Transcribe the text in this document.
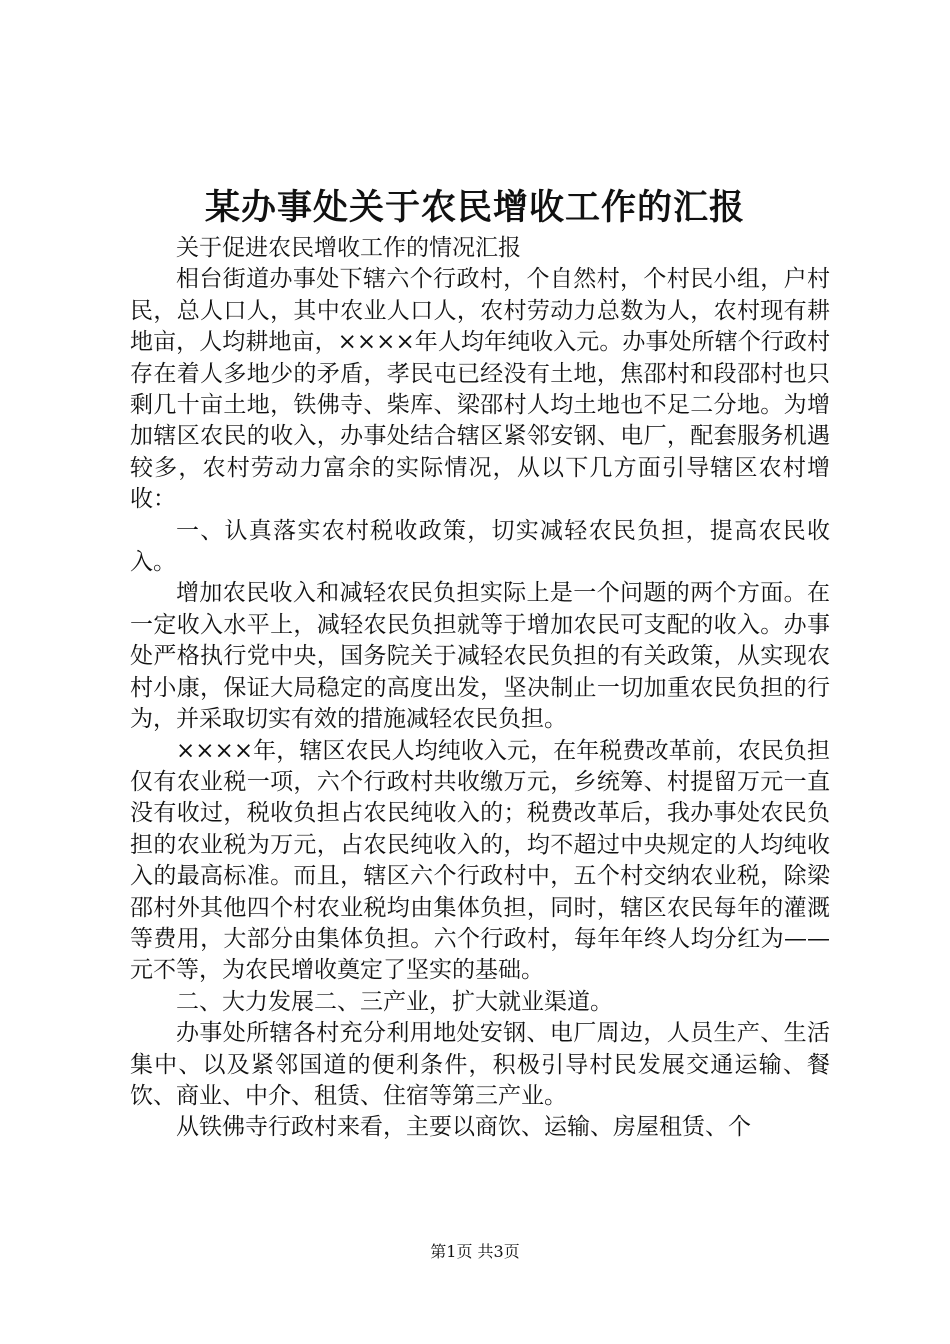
某办事处关于农民增收工作的汇报

关于促进农民增收工作的情况汇报

相台街道办事处下辖六个行政村，个自然村，个村民小组，户村民，总人口人，其中农业人口人，农村劳动力总数为人，农村现有耕地亩，人均耕地亩，××××年人均年纯收入元。办事处所辖个行政村存在着人多地少的矛盾，孝民屯已经没有土地，焦邵村和段邵村也只剩几十亩土地，铁佛寺、柴库、梁邵村人均土地也不足二分地。为增加辖区农民的收入，办事处结合辖区紧邻安钢、电厂，配套服务机遇较多，农村劳动力富余的实际情况，从以下几方面引导辖区农村增收：

一、认真落实农村税收政策，切实减轻农民负担，提高农民收入。

增加农民收入和减轻农民负担实际上是一个问题的两个方面。在一定收入水平上，减轻农民负担就等于增加农民可支配的收入。办事处严格执行党中央，国务院关于减轻农民负担的有关政策，从实现农村小康，保证大局稳定的高度出发，坚决制止一切加重农民负担的行为，并采取切实有效的措施减轻农民负担。

××××年，辖区农民人均纯收入元，在年税费改革前，农民负担仅有农业税一项，六个行政村共收缴万元，乡统筹、村提留万元一直没有收过，税收负担占农民纯收入的；税费改革后，我办事处农民负担的农业税为万元，占农民纯收入的，均不超过中央规定的人均纯收入的最高标准。而且，辖区六个行政村中，五个村交纳农业税，除梁邵村外其他四个村农业税均由集体负担，同时，辖区农民每年的灌溉等费用，大部分由集体负担。六个行政村，每年年终人均分红为——元不等，为农民增收奠定了坚实的基础。

二、大力发展二、三产业，扩大就业渠道。

办事处所辖各村充分利用地处安钢、电厂周边，人员生产、生活集中、以及紧邻国道的便利条件，积极引导村民发展交通运输、餐饮、商业、中介、租赁、住宿等第三产业。

从铁佛寺行政村来看，主要以商饮、运输、房屋租赁、个

第1页 共3页
